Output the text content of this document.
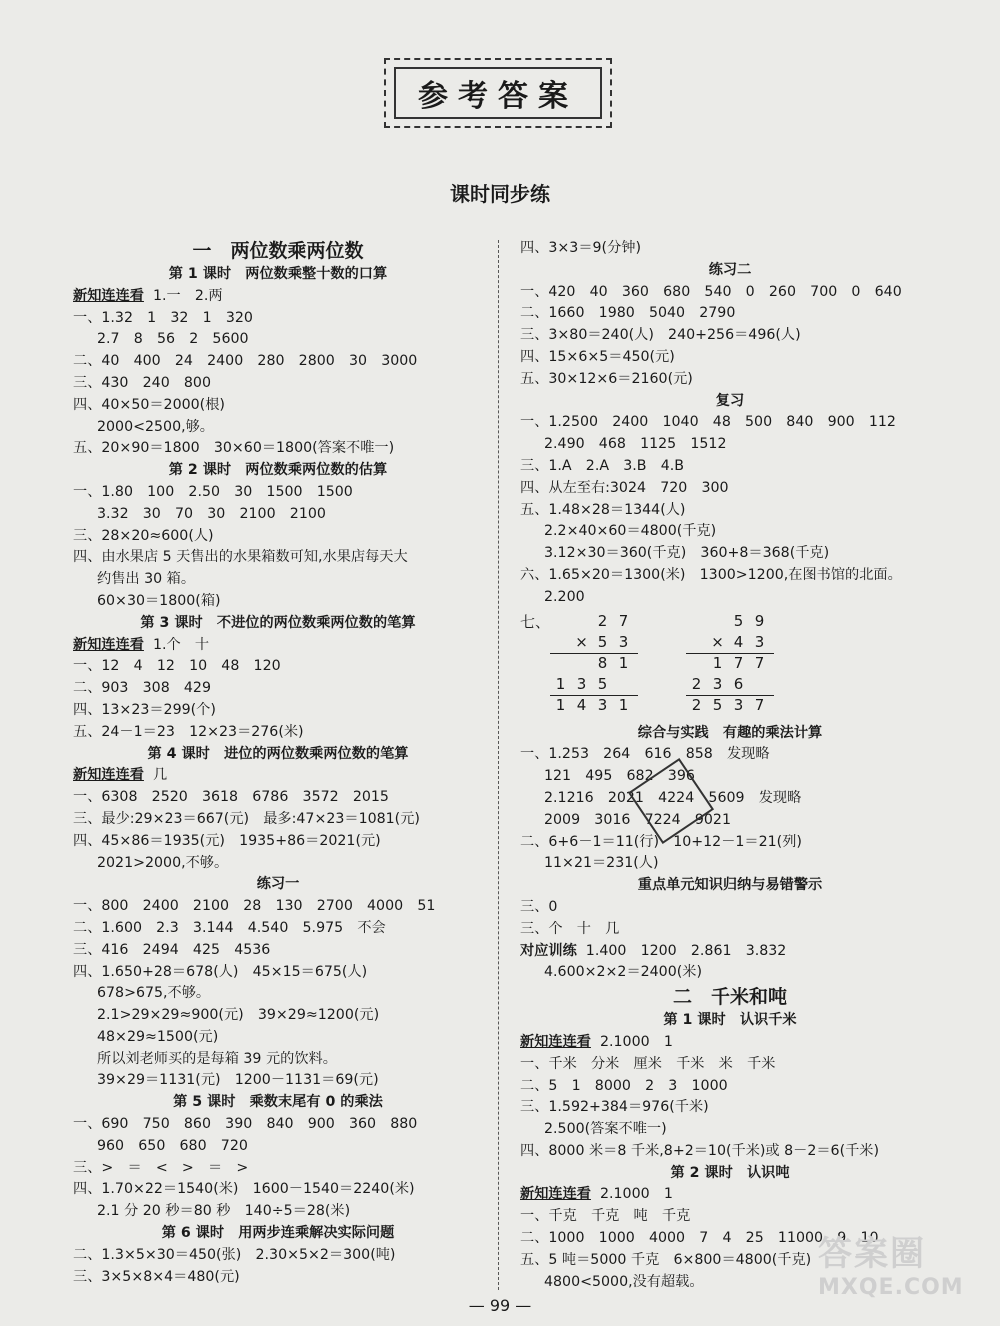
参考答案
课时同步练
一　两位数乘两位数
第 1 课时　两位数乘整十数的口算
新知连连看 1.一　2.两
一、1.32　1　32　1　320
2.7　8　56　2　5600
二、40　400　24　2400　280　2800　30　3000
三、430　240　800
四、40×50＝2000(根)
2000<2500,够。
五、20×90＝1800　30×60＝1800(答案不唯一)
第 2 课时　两位数乘两位数的估算
一、1.80　100　2.50　30　1500　1500
3.32　30　70　30　2100　2100
三、28×20≈600(人)
四、由水果店 5 天售出的水果箱数可知,水果店每天大
约售出 30 箱。
60×30＝1800(箱)
第 3 课时　不进位的两位数乘两位数的笔算
新知连连看 1.个　十
一、12　4　12　10　48　120
二、903　308　429
四、13×23＝299(个)
五、24－1＝23　12×23＝276(米)
第 4 课时　进位的两位数乘两位数的笔算
新知连连看 几
一、6308　2520　3618　6786　3572　2015
三、最少:29×23＝667(元)　最多:47×23＝1081(元)
四、45×86＝1935(元)　1935+86＝2021(元)
2021>2000,不够。
练习一
一、800　2400　2100　28　130　2700　4000　51
二、1.600　2.3　3.144　4.540　5.975　不会
三、416　2494　425　4536
四、1.650+28＝678(人)　45×15＝675(人)
678>675,不够。
2.1>29×29≈900(元)　39×29≈1200(元)
48×29≈1500(元)
所以刘老师买的是每箱 39 元的饮料。
39×29＝1131(元)　1200－1131＝69(元)
第 5 课时　乘数末尾有 0 的乘法
一、690　750　860　390　840　900　360　880
960　650　680　720
三、>　＝　<　>　＝　>
四、1.70×22＝1540(米)　1600－1540＝2240(米)
2.1 分 20 秒＝80 秒　140÷5＝28(米)
第 6 课时　用两步连乘解决实际问题
二、1.3×5×30＝450(张)　2.30×5×2＝300(吨)
三、3×5×8×4＝480(元)
四、3×3＝9(分钟)
练习二
一、420　40　360　680　540　0　260　700　0　640
二、1660　1980　5040　2790
三、3×80＝240(人)　240+256＝496(人)
四、15×6×5＝450(元)
五、30×12×6＝2160(元)
复习
一、1.2500　2400　1040　48　500　840　900　112
2.490　468　1125　1512
三、1.A　2.A　3.B　4.B
四、从左至右:3024　720　300
五、1.48×28＝1344(人)
2.2×40×60＝4800(千克)
3.12×30＝360(千克)　360+8＝368(千克)
六、1.65×20＝1300(米)　1300>1200,在图书馆的北面。
2.200
七、	2 7
× 5 3
8 1
1 3 5
1 4 3 1
5 9
× 4 3
1 7 7
2 3 6
2 5 3 7
综合与实践　有趣的乘法计算
一、1.253　264　616　858　发现略
121　495　682　396
2.1216　2021　4224　5609　发现略
2009　3016　7224　9021
二、6+6－1＝11(行)　10+12－1＝21(列)
11×21＝231(人)
重点单元知识归纳与易错警示
三、0
三、个　十　几
对应训练 1.400　1200　2.861　3.832
4.600×2×2＝2400(米)
二　千米和吨
第 1 课时　认识千米
新知连连看 2.1000　1
一、千米　分米　厘米　千米　米　千米
二、5　1　8000　2　3　1000
三、1.592+384＝976(千米)
2.500(答案不唯一)
四、8000 米＝8 千米,8+2＝10(千米)或 8－2＝6(千米)
第 2 课时　认识吨
新知连连看 2.1000　1
一、千克　千克　吨　千克
二、1000　1000　4000　7　4　25　11000　9　10
五、5 吨＝5000 千克　6×800＝4800(千克)
4800<5000,没有超载。
— 99 —
答案圈
MXQE.COM
